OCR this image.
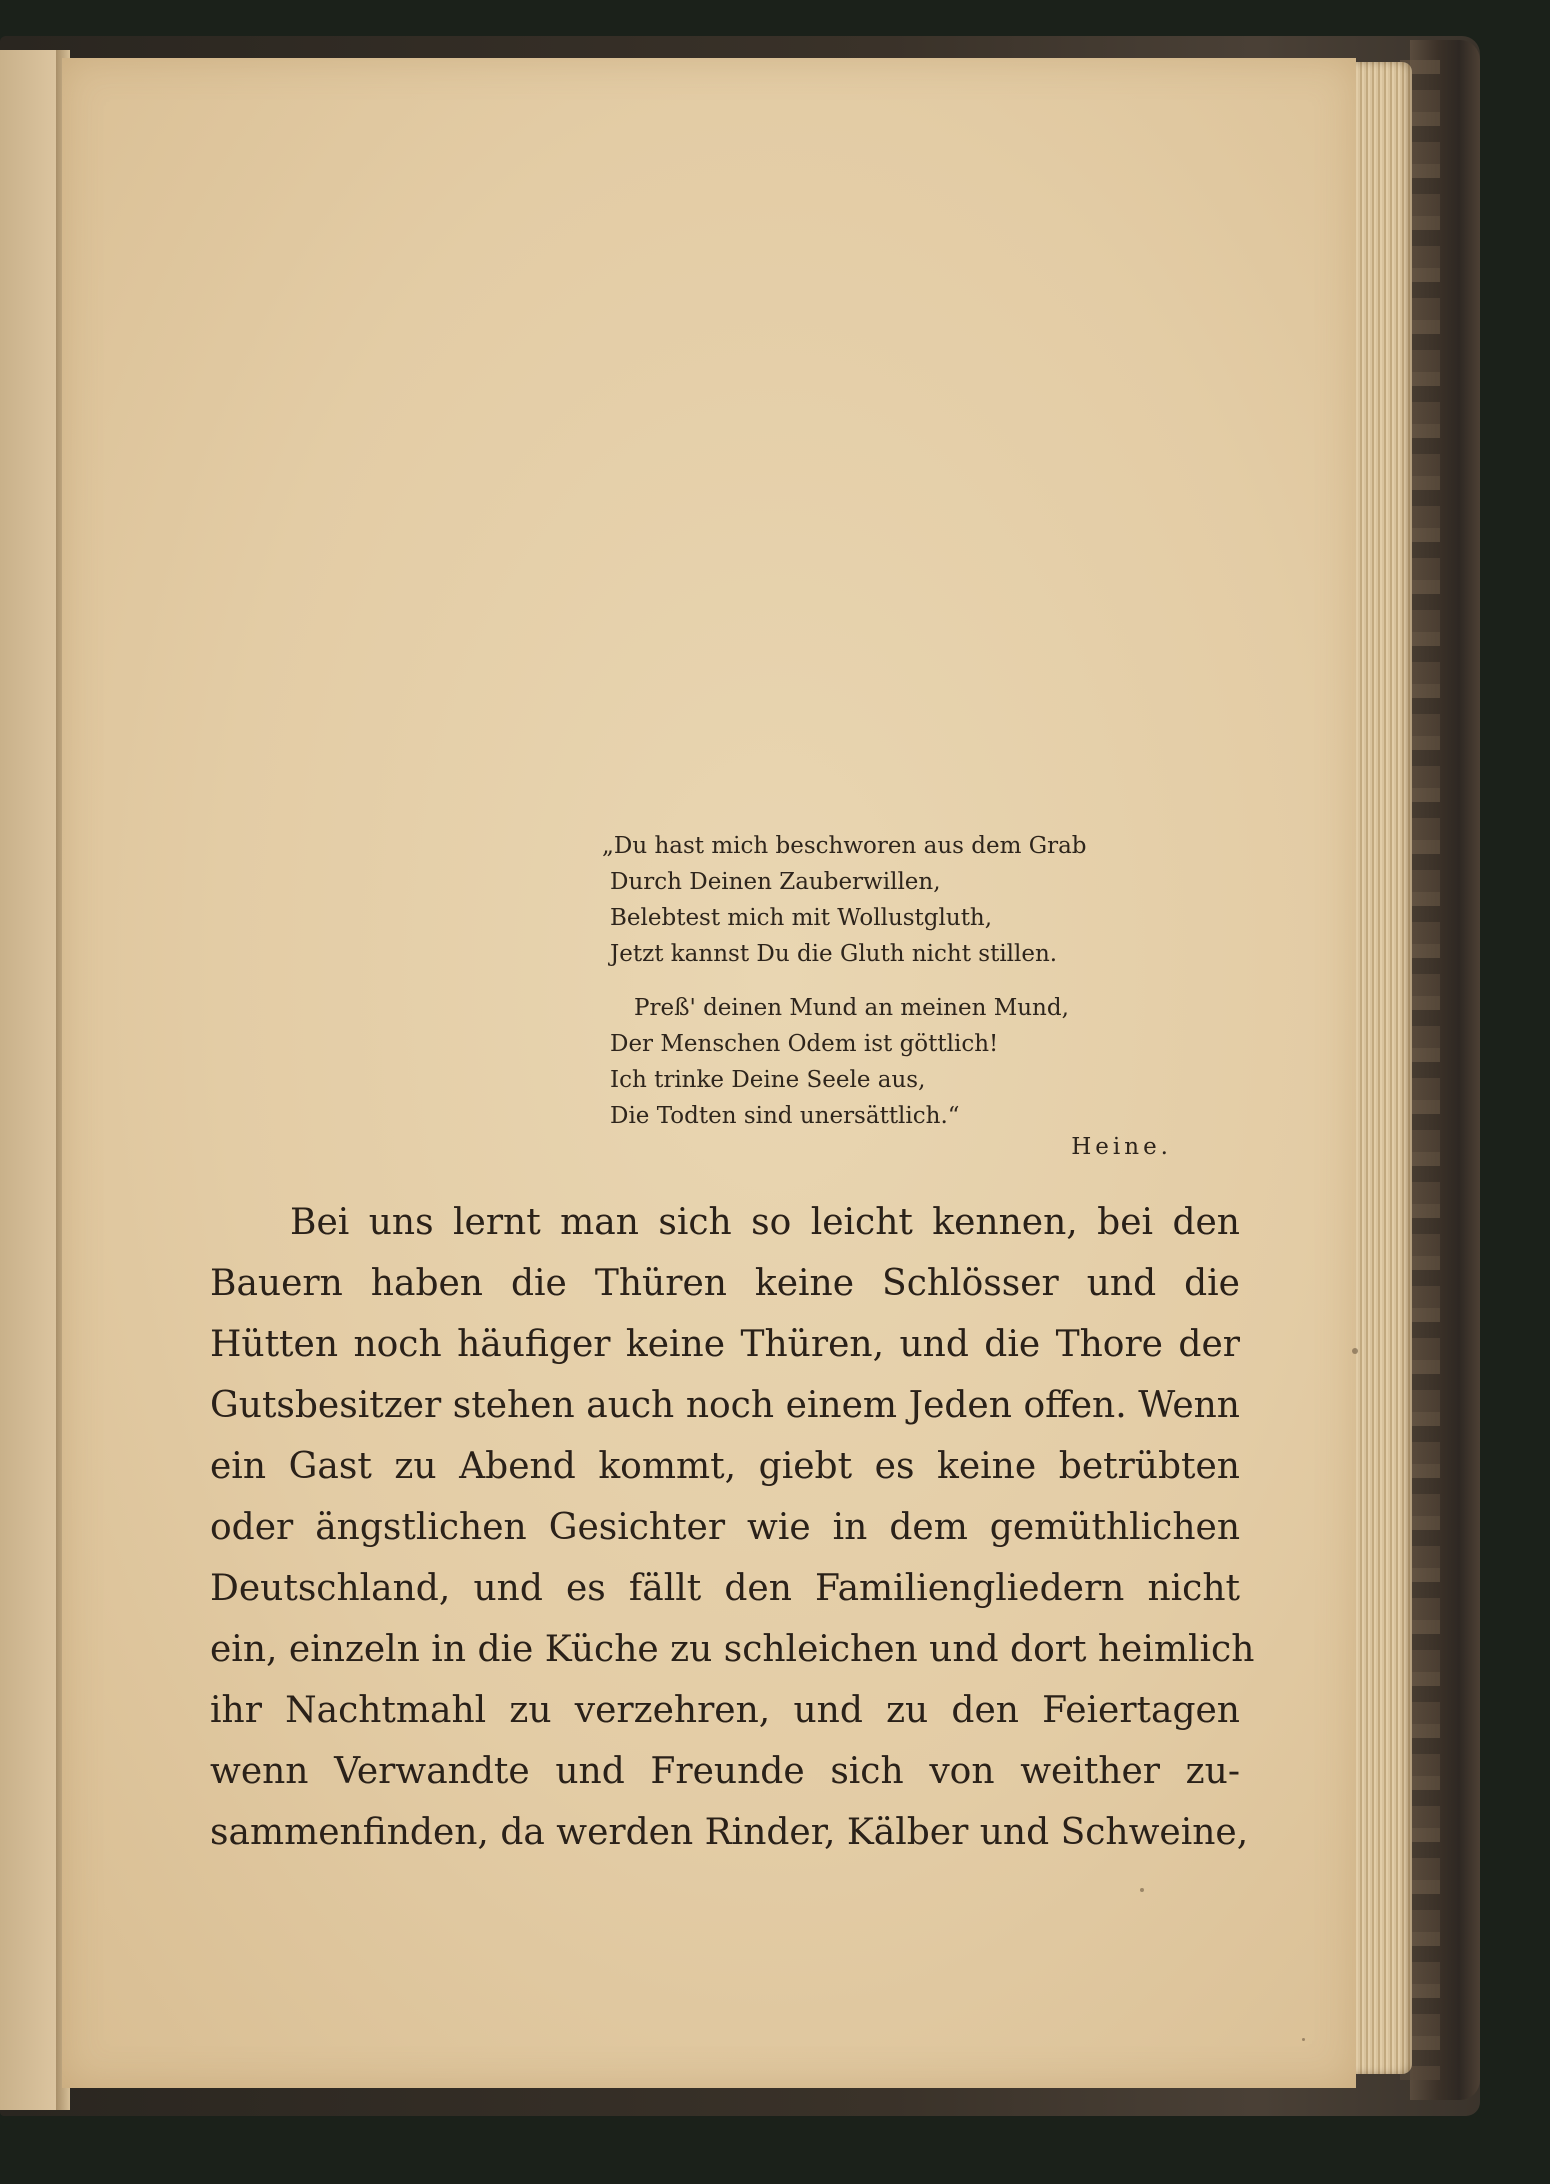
„Du hast mich beschworen aus dem Grab
Durch Deinen Zauberwillen,
Belebtest mich mit Wollustgluth,
Jetzt kannst Du die Gluth nicht stillen.
Preß' deinen Mund an meinen Mund,
Der Menschen Odem ist göttlich!
Ich trinke Deine Seele aus,
Die Todten sind unersättlich.“
Heine.
Bei uns lernt man sich so leicht kennen, bei den
Bauern haben die Thüren keine Schlösser und die
Hütten noch häufiger keine Thüren, und die Thore der
Gutsbesitzer stehen auch noch einem Jeden offen. Wenn
ein Gast zu Abend kommt, giebt es keine betrübten
oder ängstlichen Gesichter wie in dem gemüthlichen
Deutschland, und es fällt den Familiengliedern nicht
ein, einzeln in die Küche zu schleichen und dort heimlich
ihr Nachtmahl zu verzehren, und zu den Feiertagen
wenn Verwandte und Freunde sich von weither zu-
sammenfinden, da werden Rinder, Kälber und Schweine,
